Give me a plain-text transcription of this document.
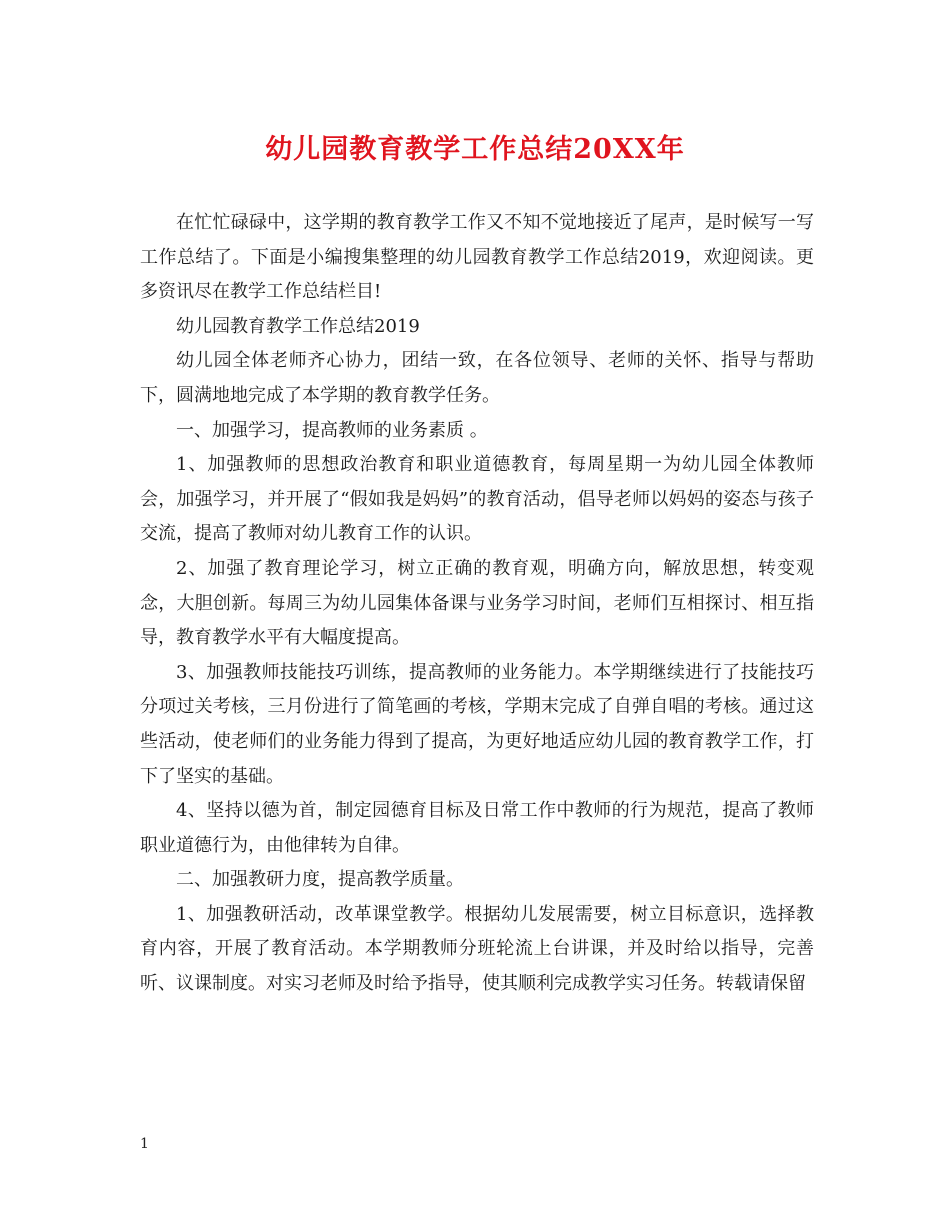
幼儿园教育教学工作总结20XX年

在忙忙碌碌中，这学期的教育教学工作又不知不觉地接近了尾声，是时候写一写工作总结了。下面是小编搜集整理的幼儿园教育教学工作总结2019，欢迎阅读。更多资讯尽在教学工作总结栏目!

幼儿园教育教学工作总结2019

幼儿园全体老师齐心协力，团结一致，在各位领导、老师的关怀、指导与帮助下，圆满地地完成了本学期的教育教学任务。

一、加强学习，提高教师的业务素质 。

1、加强教师的思想政治教育和职业道德教育，每周星期一为幼儿园全体教师会，加强学习，并开展了“假如我是妈妈”的教育活动，倡导老师以妈妈的姿态与孩子交流，提高了教师对幼儿教育工作的认识。

2、加强了教育理论学习，树立正确的教育观，明确方向，解放思想，转变观念，大胆创新。每周三为幼儿园集体备课与业务学习时间，老师们互相探讨、相互指导，教育教学水平有大幅度提高。

3、加强教师技能技巧训练，提高教师的业务能力。本学期继续进行了技能技巧分项过关考核，三月份进行了简笔画的考核，学期末完成了自弹自唱的考核。通过这些活动，使老师们的业务能力得到了提高，为更好地适应幼儿园的教育教学工作，打下了坚实的基础。

4、坚持以德为首，制定园德育目标及日常工作中教师的行为规范，提高了教师职业道德行为，由他律转为自律。

二、加强教研力度，提高教学质量。

1、加强教研活动，改革课堂教学。根据幼儿发展需要，树立目标意识，选择教育内容，开展了教育活动。本学期教师分班轮流上台讲课，并及时给以指导，完善听、议课制度。对实习老师及时给予指导，使其顺利完成教学实习任务。转载请保留

1
